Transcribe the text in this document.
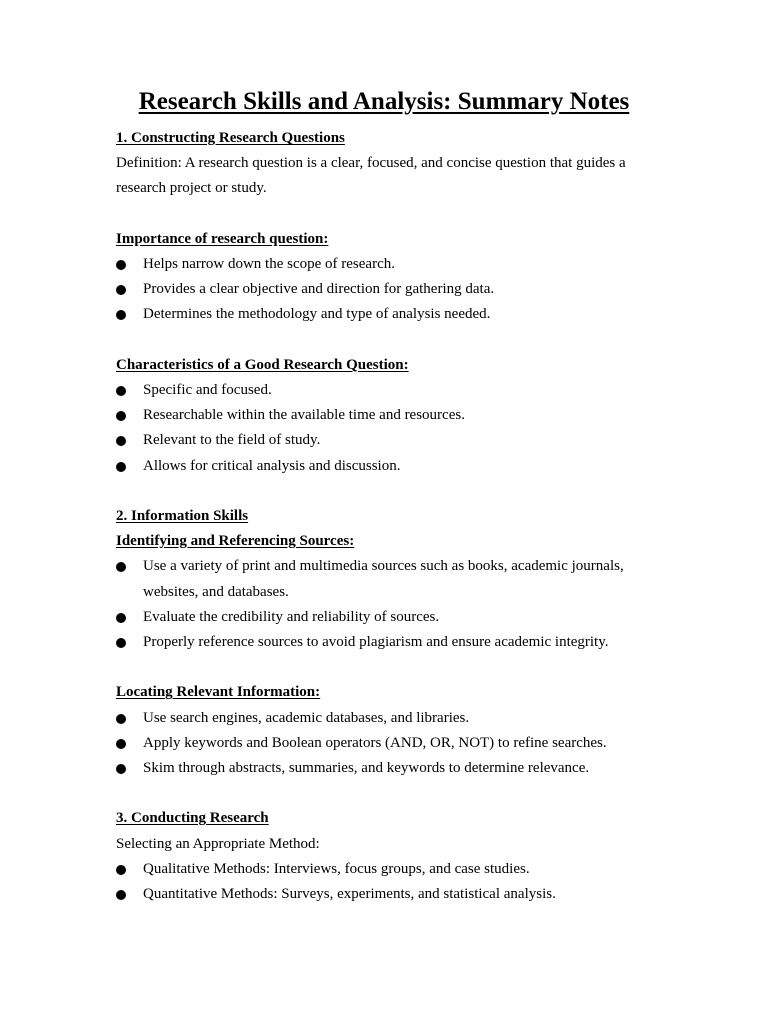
Research Skills and Analysis: Summary Notes
1. Constructing Research Questions

Definition: A research question is a clear, focused, and concise question that guides a research project or study.

Importance of research question:
Helps narrow down the scope of research.
Provides a clear objective and direction for gathering data.
Determines the methodology and type of analysis needed.
Characteristics of a Good Research Question:
Specific and focused.
Researchable within the available time and resources.
Relevant to the field of study.
Allows for critical analysis and discussion.
2. Information Skills
Identifying and Referencing Sources:
Use a variety of print and multimedia sources such as books, academic journals, websites, and databases.
Evaluate the credibility and reliability of sources.
Properly reference sources to avoid plagiarism and ensure academic integrity.
Locating Relevant Information:
Use search engines, academic databases, and libraries.
Apply keywords and Boolean operators (AND, OR, NOT) to refine searches.
Skim through abstracts, summaries, and keywords to determine relevance.
3. Conducting Research
Selecting an Appropriate Method:
Qualitative Methods: Interviews, focus groups, and case studies.
Quantitative Methods: Surveys, experiments, and statistical analysis.
